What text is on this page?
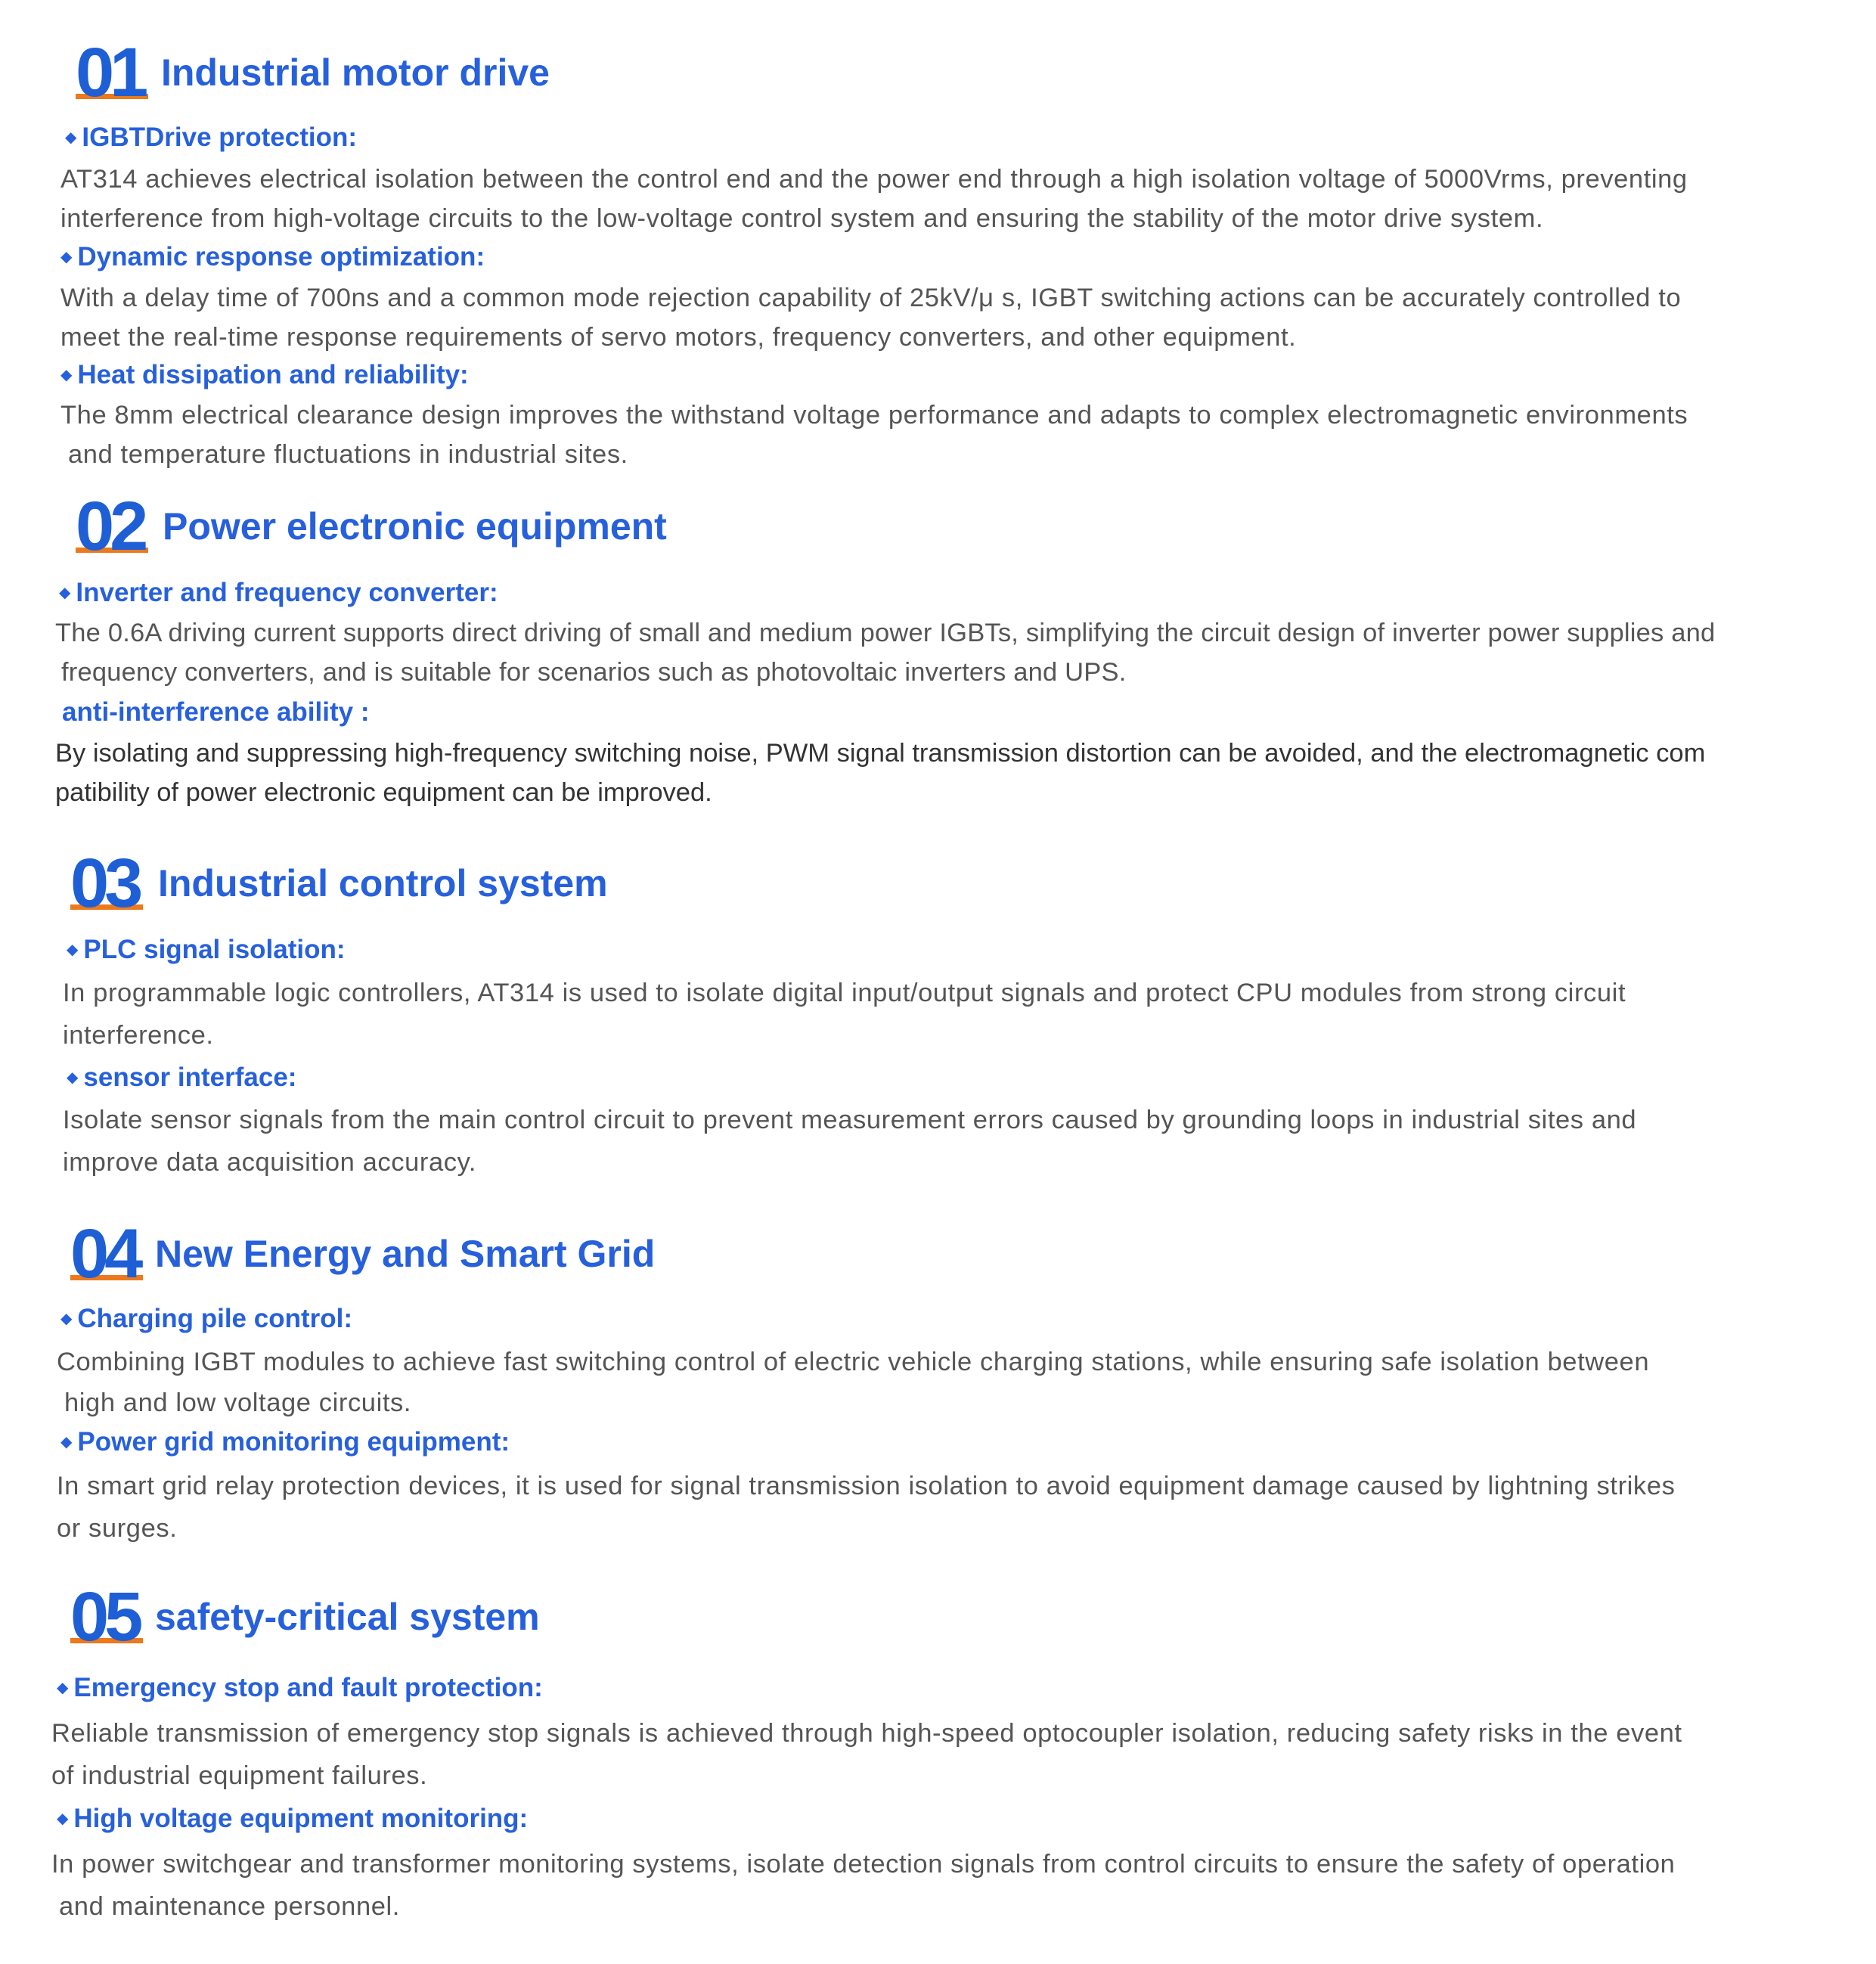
01 Industrial motor drive
◆ IGBTDrive protection:
AT314 achieves electrical isolation between the control end and the power end through a high isolation voltage of 5000Vrms, preventing
interference from high-voltage circuits to the low-voltage control system and ensuring the stability of the motor drive system.
◆ Dynamic response optimization:
With a delay time of 700ns and a common mode rejection capability of 25kV/μ s, IGBT switching actions can be accurately controlled to
meet the real-time response requirements of servo motors, frequency converters, and other equipment.
◆ Heat dissipation and reliability:
The 8mm electrical clearance design improves the withstand voltage performance and adapts to complex electromagnetic environments
and temperature fluctuations in industrial sites.
02 Power electronic equipment
◆ Inverter and frequency converter:
The 0.6A driving current supports direct driving of small and medium power IGBTs, simplifying the circuit design of inverter power supplies and
frequency converters, and is suitable for scenarios such as photovoltaic inverters and UPS.
anti-interference ability :
By isolating and suppressing high-frequency switching noise, PWM signal transmission distortion can be avoided, and the electromagnetic com
patibility of power electronic equipment can be improved.
03 Industrial control system
◆ PLC signal isolation:
In programmable logic controllers, AT314 is used to isolate digital input/output signals and protect CPU modules from strong circuit
interference.
◆ sensor interface:
Isolate sensor signals from the main control circuit to prevent measurement errors caused by grounding loops in industrial sites and
improve data acquisition accuracy.
04 New Energy and Smart Grid
◆ Charging pile control:
Combining IGBT modules to achieve fast switching control of electric vehicle charging stations, while ensuring safe isolation between
high and low voltage circuits.
◆ Power grid monitoring equipment:
In smart grid relay protection devices, it is used for signal transmission isolation to avoid equipment damage caused by lightning strikes
or surges.
05 safety-critical system
◆ Emergency stop and fault protection:
Reliable transmission of emergency stop signals is achieved through high-speed optocoupler isolation, reducing safety risks in the event
of industrial equipment failures.
◆ High voltage equipment monitoring:
In power switchgear and transformer monitoring systems, isolate detection signals from control circuits to ensure the safety of operation
and maintenance personnel.
